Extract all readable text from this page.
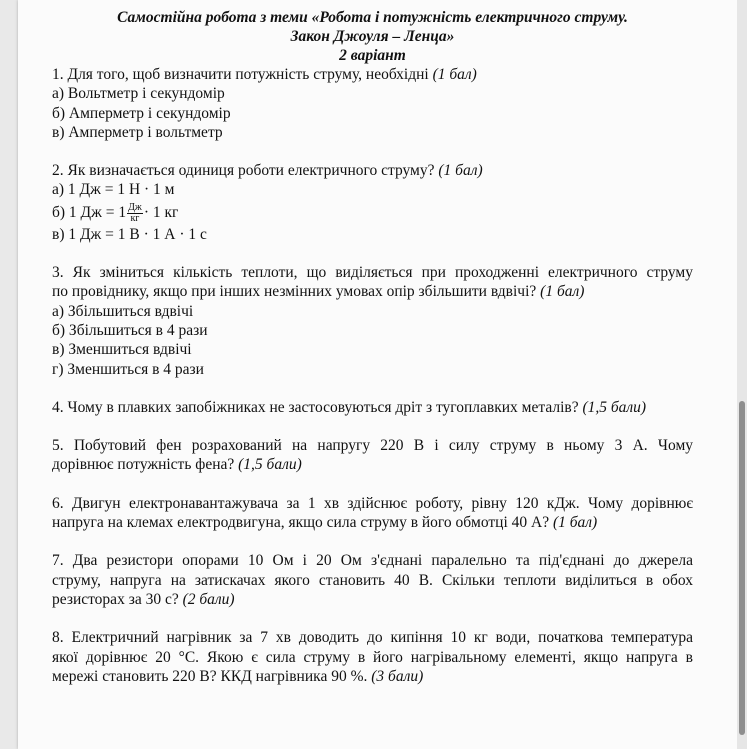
Самостійна робота з теми «Робота і потужність електричного струму.
Закон Джоуля – Ленца»
2 варіант
1. Для того, щоб визначити потужність струму, необхідні (1 бал)
а) Вольтметр і секундомір
б) Амперметр і секундомір
в) Амперметр і вольтметр
2. Як визначається одиниця роботи електричного струму? (1 бал)
а) 1 Дж = 1 Н · 1 м
б) 1 Дж = $1 \frac{Дж}{кг} \cdot 1$ кг
в) 1 Дж = 1 В · 1 А · 1 с
3. Як зміниться кількість теплоти, що виділяється при проходженні електричного струму
по провіднику, якщо при інших незмінних умовах опір збільшити вдвічі? (1 бал)
а) Збільшиться вдвічі
б) Збільшиться в 4 рази
в) Зменшиться вдвічі
г) Зменшиться в 4 рази
4. Чому в плавких запобіжниках не застосовуються дріт з тугоплавких металів? (1,5 бали)
5. Побутовий фен розрахований на напругу 220 В і силу струму в ньому 3 А. Чому
дорівнює потужність фена? (1,5 бали)
6. Двигун електронавантажувача за 1 хв здійснює роботу, рівну 120 кДж. Чому дорівнює
напруга на клемах електродвигуна, якщо сила струму в його обмотці 40 А? (1 бал)
7. Два резистори опорами 10 Ом і 20 Ом з'єднані паралельно та під'єднані до джерела
струму, напруга на затискачах якого становить 40 В. Скільки теплоти виділиться в обох
резисторах за 30 с? (2 бали)
8. Електричний нагрівник за 7 хв доводить до кипіння 10 кг води, початкова температура
якої дорівнює 20 °C. Якою є сила струму в його нагрівальному елементі, якщо напруга в
мережі становить 220 В? ККД нагрівника 90 %. (3 бали)
